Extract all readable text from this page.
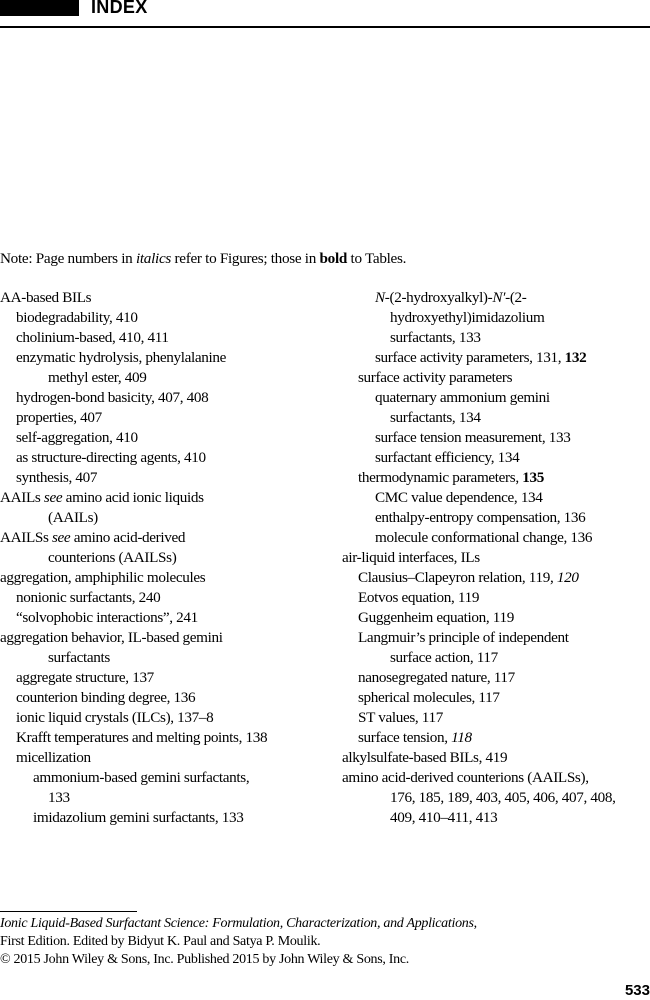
INDEX
Note: Page numbers in italics refer to Figures; those in bold to Tables.
AA-based BILs
biodegradability, 410
cholinium-based, 410, 411
enzymatic hydrolysis, phenylalanine
methyl ester, 409
hydrogen-bond basicity, 407, 408
properties, 407
self-aggregation, 410
as structure-directing agents, 410
synthesis, 407
AAILs see amino acid ionic liquids
(AAILs)
AAILSs see amino acid-derived
counterions (AAILSs)
aggregation, amphiphilic molecules
nonionic surfactants, 240
“solvophobic interactions”, 241
aggregation behavior, IL-based gemini
surfactants
aggregate structure, 137
counterion binding degree, 136
ionic liquid crystals (ILCs), 137–8
Krafft temperatures and melting points, 138
micellization
ammonium-based gemini surfactants,
133
imidazolium gemini surfactants, 133
N-(2-hydroxyalkyl)-N′-(2-
hydroxyethyl)imidazolium
surfactants, 133
surface activity parameters, 131, 132
surface activity parameters
quaternary ammonium gemini
surfactants, 134
surface tension measurement, 133
surfactant efficiency, 134
thermodynamic parameters, 135
CMC value dependence, 134
enthalpy-entropy compensation, 136
molecule conformational change, 136
air-liquid interfaces, ILs
Clausius–Clapeyron relation, 119, 120
Eotvos equation, 119
Guggenheim equation, 119
Langmuir’s principle of independent
surface action, 117
nanosegregated nature, 117
spherical molecules, 117
ST values, 117
surface tension, 118
alkylsulfate-based BILs, 419
amino acid-derived counterions (AAILSs),
176, 185, 189, 403, 405, 406, 407, 408,
409, 410–411, 413
Ionic Liquid-Based Surfactant Science: Formulation, Characterization, and Applications,
First Edition. Edited by Bidyut K. Paul and Satya P. Moulik.
© 2015 John Wiley & Sons, Inc. Published 2015 by John Wiley & Sons, Inc.
533
